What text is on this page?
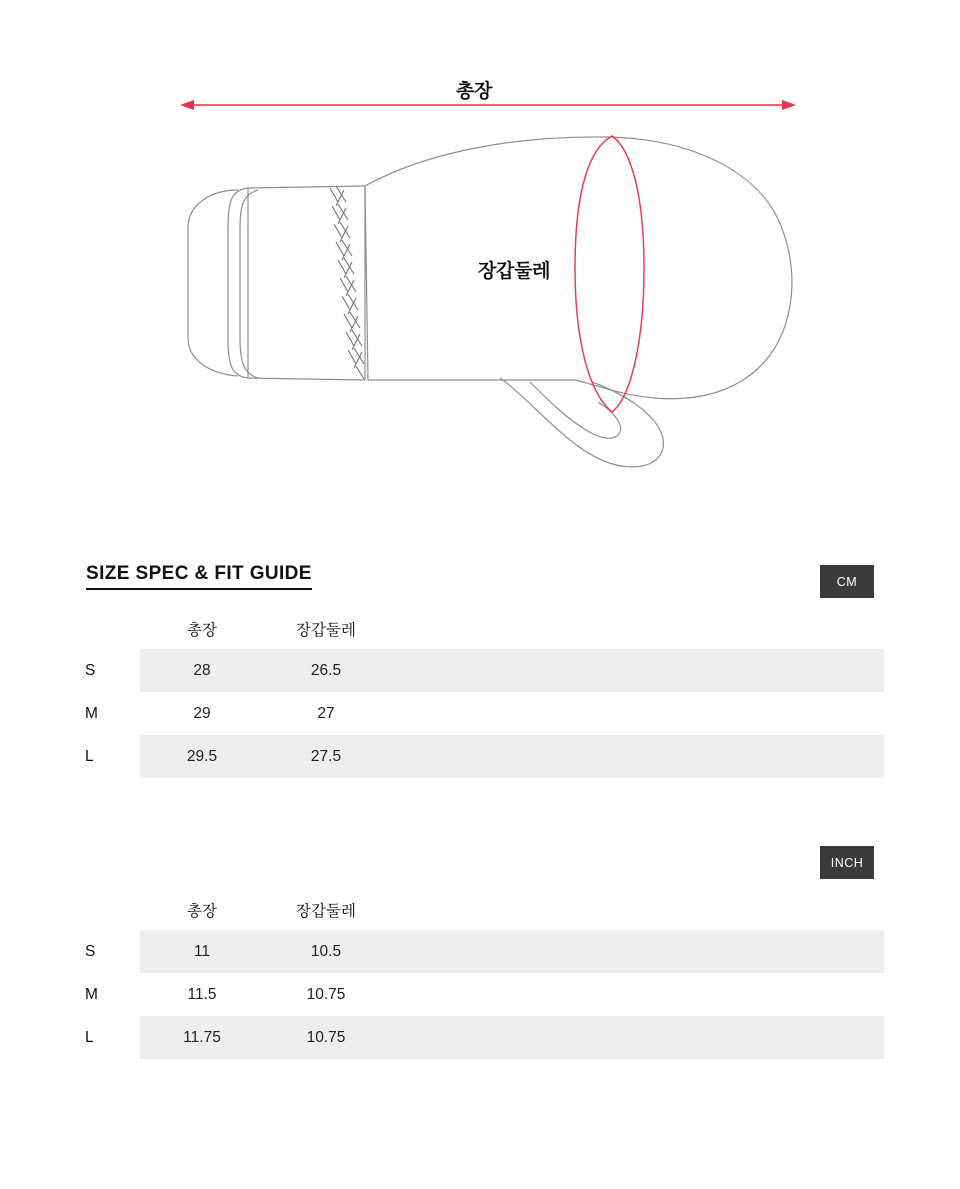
총장
장갑둘레
SIZE SPEC & FIT GUIDE	CM
	총장	장갑둘레				
S	28	26.5				
M	29	27				
L	29.5	27.5				
INCH
	총장	장갑둘레				
S	11	10.5				
M	11.5	10.75				
L	11.75	10.75				
